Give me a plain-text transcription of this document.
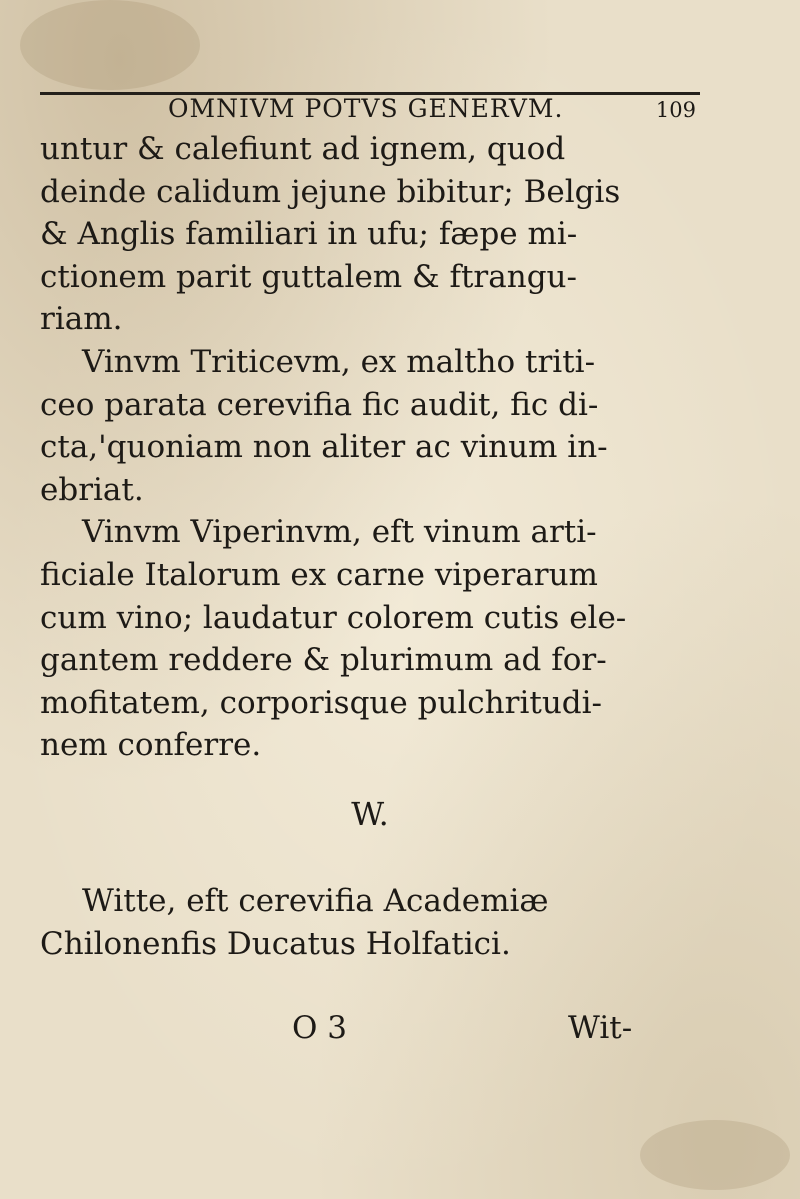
OMNIVM POTVS GENERVM.	109
untur & calefiunt ad ignem, quod
deinde calidum jejune bibitur; Belgis
& Anglis familiari in ufu; fæpe mi-
ctionem parit guttalem & ftrangu-
riam.
Vinvm Triticevm, ex maltho triti-
ceo parata cerevifia fic audit, fic di-
cta,'quoniam non aliter ac vinum in-
ebriat.
Vinvm Viperinvm, eft vinum arti-
ficiale Italorum ex carne viperarum
cum vino; laudatur colorem cutis ele-
gantem reddere & plurimum ad for-
mofitatem, corporisque pulchritudi-
nem conferre.
W.
Witte, eft cerevifia Academiæ
Chilonenfis Ducatus Holfatici.
O 3	Wit-
